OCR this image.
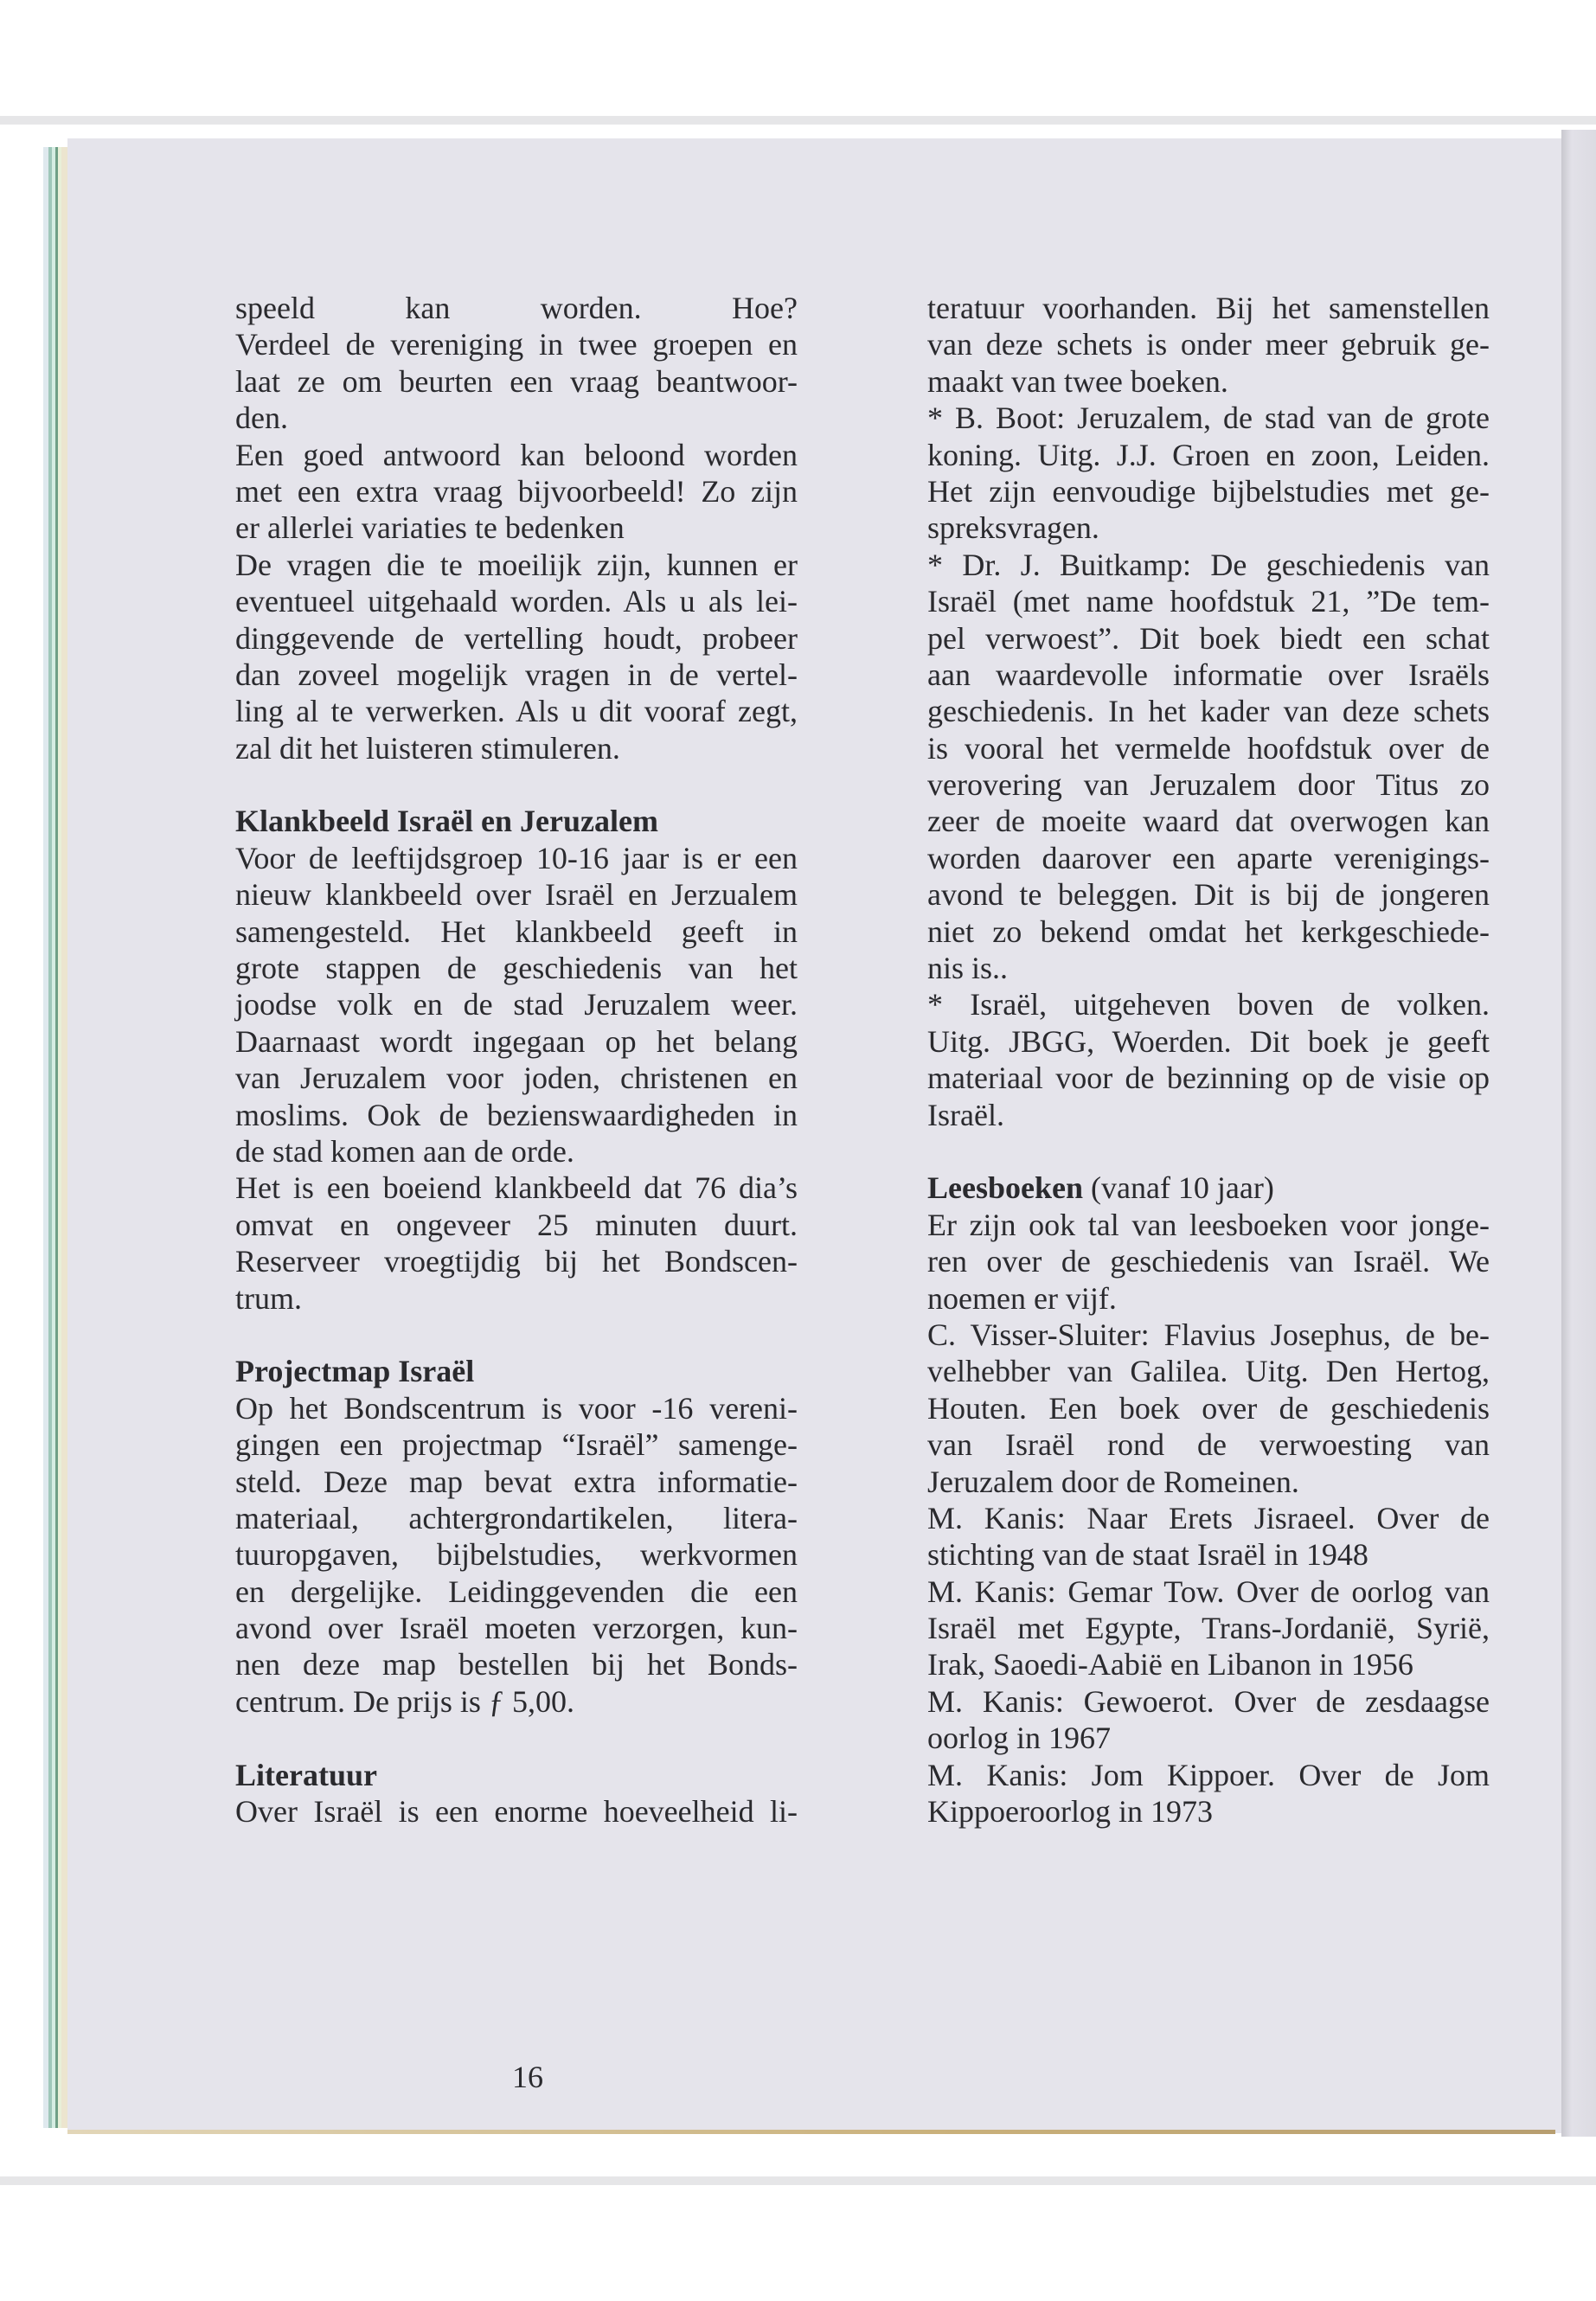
speeld kan worden. Hoe?
Verdeel de vereniging in twee groepen en
laat ze om beurten een vraag beantwoor-
den.
Een goed antwoord kan beloond worden
met een extra vraag bijvoorbeeld! Zo zijn
er allerlei variaties te bedenken
De vragen die te moeilijk zijn, kunnen er
eventueel uitgehaald worden. Als u als lei-
dinggevende de vertelling houdt, probeer
dan zoveel mogelijk vragen in de vertel-
ling al te verwerken. Als u dit vooraf zegt,
zal dit het luisteren stimuleren.
Klankbeeld Israël en Jeruzalem
Voor de leeftijdsgroep 10-16 jaar is er een
nieuw klankbeeld over Israël en Jerzualem
samengesteld. Het klankbeeld geeft in
grote stappen de geschiedenis van het
joodse volk en de stad Jeruzalem weer.
Daarnaast wordt ingegaan op het belang
van Jeruzalem voor joden, christenen en
moslims. Ook de bezienswaardigheden in
de stad komen aan de orde.
Het is een boeiend klankbeeld dat 76 dia’s
omvat en ongeveer 25 minuten duurt.
Reserveer vroegtijdig bij het Bondscen-
trum.
Projectmap Israël
Op het Bondscentrum is voor -16 vereni-
gingen een projectmap “Israël” samenge-
steld. Deze map bevat extra informatie-
materiaal, achtergrondartikelen, litera-
tuuropgaven, bijbelstudies, werkvormen
en dergelijke. Leidinggevenden die een
avond over Israël moeten verzorgen, kun-
nen deze map bestellen bij het Bonds-
centrum. De prijs is ƒ 5,00.
Literatuur
Over Israël is een enorme hoeveelheid li-
teratuur voorhanden. Bij het samenstellen
van deze schets is onder meer gebruik ge-
maakt van twee boeken.
* B. Boot: Jeruzalem, de stad van de grote
koning. Uitg. J.J. Groen en zoon, Leiden.
Het zijn eenvoudige bijbelstudies met ge-
spreksvragen.
* Dr. J. Buitkamp: De geschiedenis van
Israël (met name hoofdstuk 21, ”De tem-
pel verwoest”. Dit boek biedt een schat
aan waardevolle informatie over Israëls
geschiedenis. In het kader van deze schets
is vooral het vermelde hoofdstuk over de
verovering van Jeruzalem door Titus zo
zeer de moeite waard dat overwogen kan
worden daarover een aparte verenigings-
avond te beleggen. Dit is bij de jongeren
niet zo bekend omdat het kerkgeschiede-
nis is..
* Israël, uitgeheven boven de volken.
Uitg. JBGG, Woerden. Dit boek je geeft
materiaal voor de bezinning op de visie op
Israël.
Leesboeken (vanaf 10 jaar)
Er zijn ook tal van leesboeken voor jonge-
ren over de geschiedenis van Israël. We
noemen er vijf.
C. Visser-Sluiter: Flavius Josephus, de be-
velhebber van Galilea. Uitg. Den Hertog,
Houten. Een boek over de geschiedenis
van Israël rond de verwoesting van
Jeruzalem door de Romeinen.
M. Kanis: Naar Erets Jisraeel. Over de
stichting van de staat Israël in 1948
M. Kanis: Gemar Tow. Over de oorlog van
Israël met Egypte, Trans-Jordanië, Syrië,
Irak, Saoedi-Aabië en Libanon in 1956
M. Kanis: Gewoerot. Over de zesdaagse
oorlog in 1967
M. Kanis: Jom Kippoer. Over de Jom
Kippoeroorlog in 1973
16
